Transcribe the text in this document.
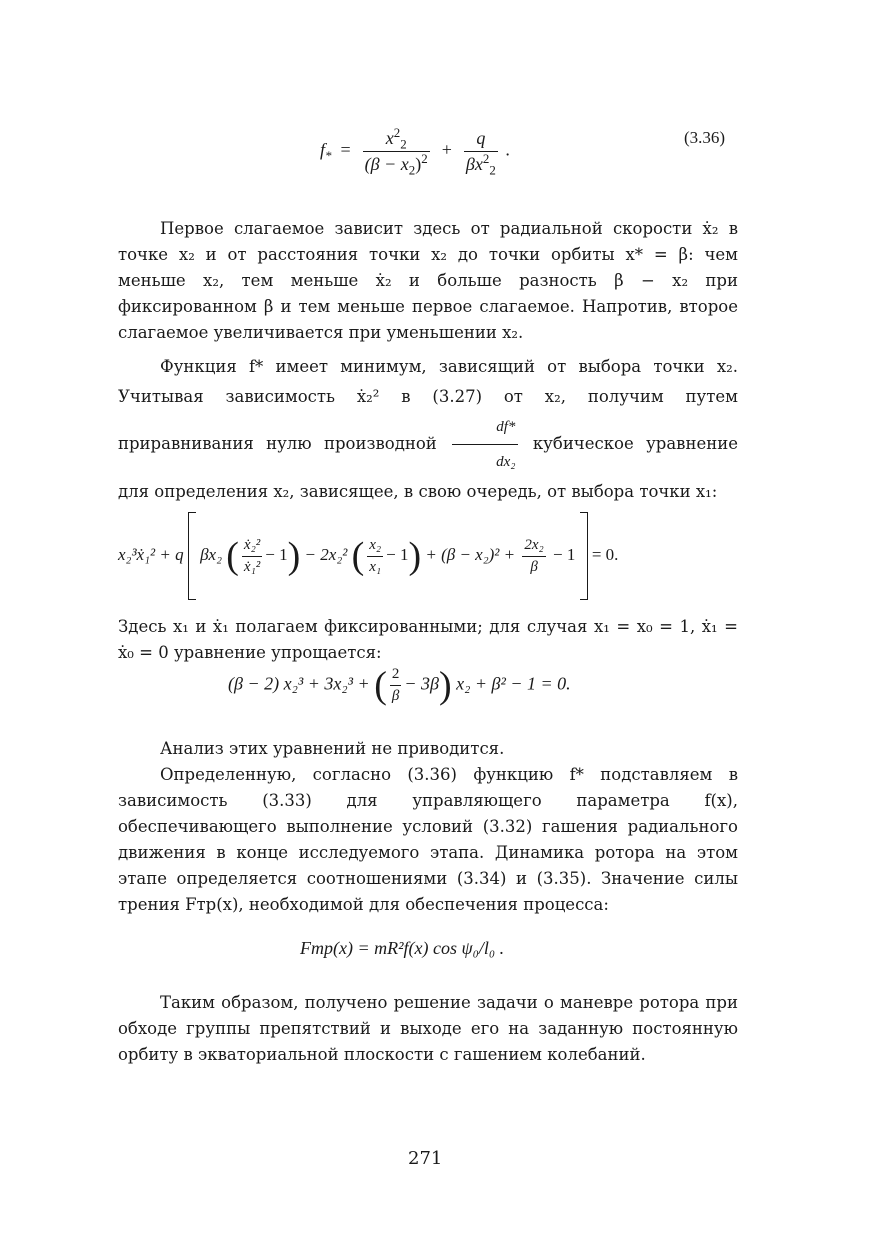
$f_* = \frac{x^2_2}{(\beta - x_2)^2} + \frac{q}{\beta x^2_2}$ .
(3.36)

Первое слагаемое зависит здесь от радиальной скорости ẋ₂ в точке x₂ и от расстояния точки x₂ до точки орбиты x* = β: чем меньше x₂, тем меньше ẋ₂ и больше разность β − x₂ при фиксированном β и тем меньше первое слагаемое. Напротив, второе слагаемое увеличивается при уменьшении x₂.

Функция f* имеет минимум, зависящий от выбора точки x₂. Учитывая зависимость ẋ₂² в (3.27) от x₂, получим путем приравнивания нулю производной $\frac{df*}{\text{dx₂}}$ кубическое уравнение для определения x₂, зависящее, в свою очередь, от выбора точки x₁:

x₂³ẋ₁² + q βx₂ ( $\frac{\text{ẋ₂²}}{\text{ẋ₁²}} - 1) - 2x_2^2$ ( $\frac{\text{x₂}}{\text{x₁}} - 1) + (\beta - x_2)^2 + \frac{\text{2x₂}}{\beta} - 1 = 0$.

Здесь x₁ и ẋ₁ полагаем фиксированными; для случая x₁ = x₀ = 1, ẋ₁ = ẋ₀ = 0 уравнение упрощается:

(β − 2) x₂³ + 3x₂³ + ( $\frac{2}{\beta} - 3\beta$) x₂ + β² − 1 = 0.

Анализ этих уравнений не приводится.

Определенную, согласно (3.36) функцию f* подставляем в зависимость (3.33) для управляющего параметра f(x), обеспечивающего выполнение условий (3.32) гашения радиального движения в конце исследуемого этапа. Динамика ротора на этом этапе определяется соотношениями (3.34) и (3.35). Значение силы трения Fтр(x), необходимой для обеспечения процесса:

Fтр(x) = mR²f(x) cos ψ₀/l₀ .

Таким образом, получено решение задачи о маневре ротора при обходе группы препятствий и выходе его на заданную постоянную орбиту в экваториальной плоскости с гашением колебаний.

271
